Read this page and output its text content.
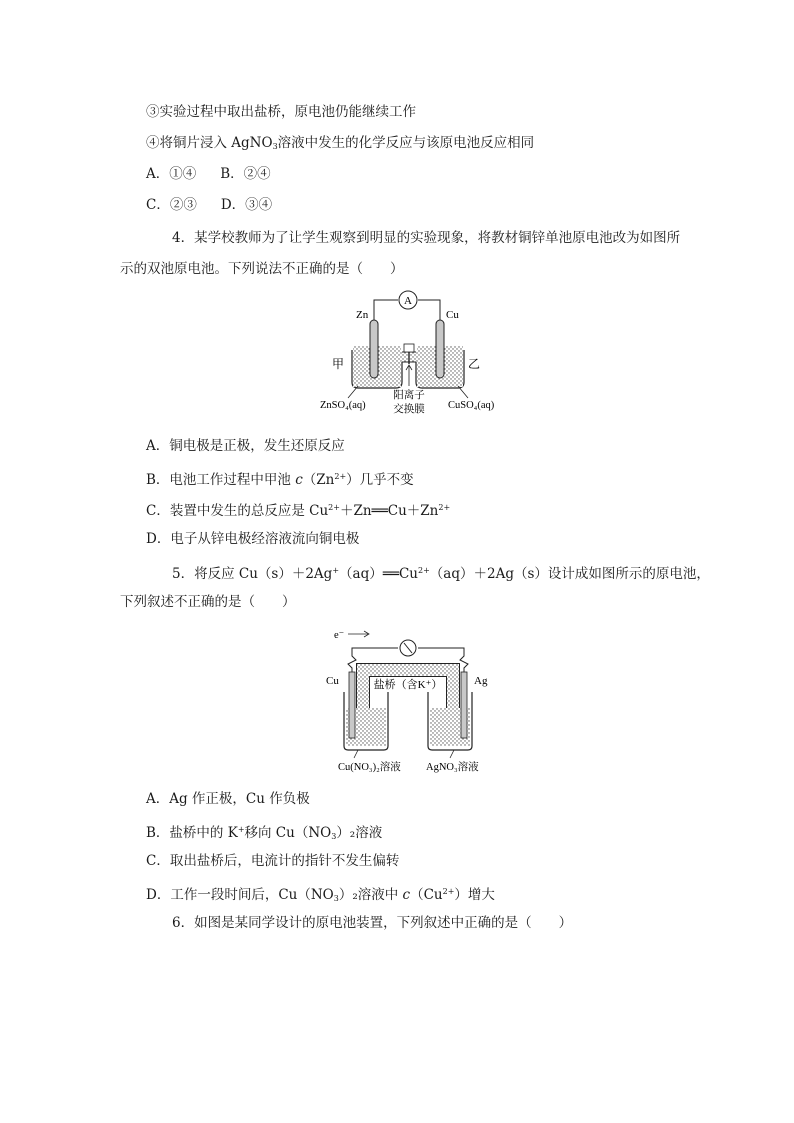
③实验过程中取出盐桥，原电池仍能继续工作
④将铜片浸入 AgNO$_3$溶液中发生的化学反应与该原电池反应相同
A．①④ B．②④
C．②③ D．③④
4．某学校教师为了让学生观察到明显的实验现象，将教材铜锌单池原电池改为如图所
示的双池原电池。下列说法不正确的是（　　）
A
Zn	Cu
甲	乙
ZnSO₄(aq)	CuSO₄(aq)
阳离子
交换膜
A．铜电极是正极，发生还原反应
B．电池工作过程中甲池 $c(Zn^{2+})$几乎不变
C．装置中发生的总反应是 $Cu^{2+}+Zn══Cu+Zn^{2+}$
D．电子从锌电极经溶液流向铜电极
5．将反应 $Cu(s)+2Ag^+(aq)══Cu^{2+}(aq)+2Ag(s)$设计成如图所示的原电池，
下列叙述不正确的是（　　）
e⁻
盐桥（含K⁺）
Cu	Ag
Cu(NO₃)₂溶液 AgNO₃溶液
A．Ag 作正极，Cu 作负极
B．盐桥中的 K+移向 $Cu(NO_3)_2$溶液
C．取出盐桥后，电流计的指针不发生偏转
D．工作一段时间后，$Cu(NO_3)_2$溶液中 $c(Cu^{2+})$增大
6．如图是某同学设计的原电池装置，下列叙述中正确的是（　　）
